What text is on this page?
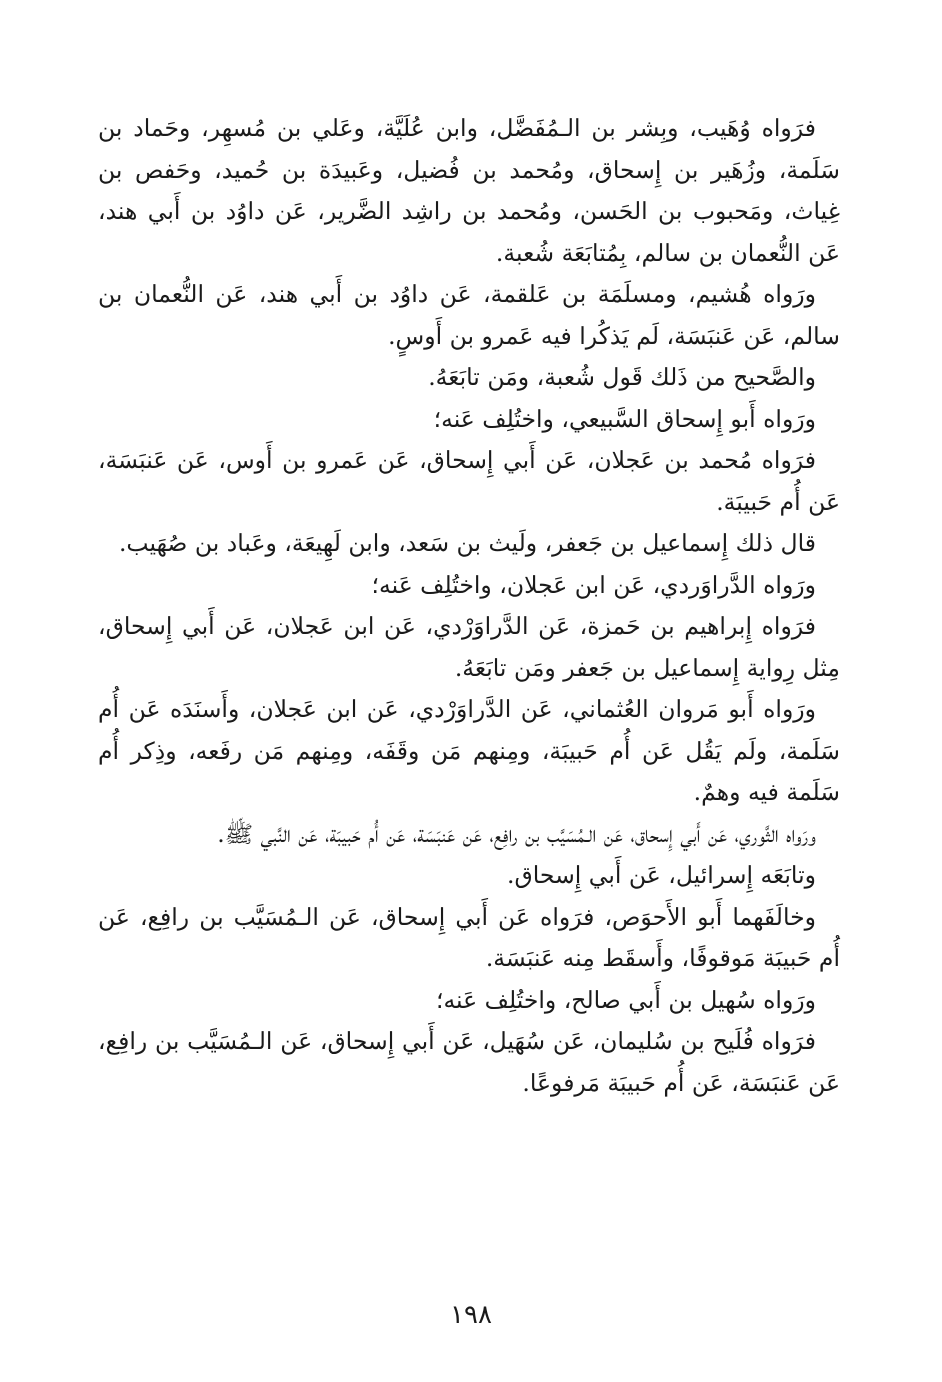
فرَواه وُهَيب، وبِشر بن الـمُفَضَّل، وابن عُلَيَّة، وعَلي بن مُسهِر، وحَماد بن سَلَمة، وزُهَير بن إِسحاق، ومُحمد بن فُضيل، وعَبيدَة بن حُميد، وحَفص بن غِياث، ومَحبوب بن الحَسن، ومُحمد بن راشِد الضَّرير، عَن داوُد بن أَبي هند، عَن النُّعمان بن سالم، بِمُتابَعَة شُعبة.

ورَواه هُشيم، ومسلَمَة بن عَلقمة، عَن داوُد بن أَبي هند، عَن النُّعمان بن سالم، عَن عَنبَسَة، لَم يَذكُرا فيه عَمرو بن أَوسٍ.

والصَّحيح من ذَلك قَول شُعبة، ومَن تابَعَهُ.

ورَواه أَبو إِسحاق السَّبيعي، واختُلِف عَنه؛

فرَواه مُحمد بن عَجلان، عَن أَبي إِسحاق، عَن عَمرو بن أَوس، عَن عَنبَسَة، عَن أُم حَبيبَة.

قال ذلك إِسماعيل بن جَعفر، ولَيث بن سَعد، وابن لَهِيعَة، وعَباد بن صُهَيب.

ورَواه الدَّراوَردي، عَن ابن عَجلان، واختُلِف عَنه؛

فرَواه إِبراهيم بن حَمزة، عَن الدَّراوَرْدي، عَن ابن عَجلان، عَن أَبي إِسحاق، مِثل رِواية إِسماعيل بن جَعفر ومَن تابَعَهُ.

ورَواه أَبو مَروان العُثماني، عَن الدَّراوَرْدي، عَن ابن عَجلان، وأَسنَدَه عَن أُم سَلَمة، ولَم يَقُل عَن أُم حَبيبَة، ومِنهم مَن وقَفَه، ومِنهم مَن رفَعه، وذِكر أُم سَلَمة فيه وهمٌ.

ورَواه الثَّوري، عَن أَبي إِسحاق، عَن الـمُسَيَّب بن رافِع، عَن عَنبَسَة، عَن أُم حَبيبَة، عَن النَّبي ﷺ.

وتابَعَه إِسرائيل، عَن أَبي إِسحاق.

وخالَفَهما أَبو الأَحوَص، فرَواه عَن أَبي إِسحاق، عَن الـمُسَيَّب بن رافِع، عَن أُم حَبيبَة مَوقوفًا، وأَسقَط مِنه عَنبَسَة.

ورَواه سُهيل بن أَبي صالح، واختُلِف عَنه؛

فرَواه فُلَيح بن سُليمان، عَن سُهَيل، عَن أَبي إِسحاق، عَن الـمُسَيَّب بن رافِع، عَن عَنبَسَة، عَن أُم حَبيبَة مَرفوعًا.

١٩٨
